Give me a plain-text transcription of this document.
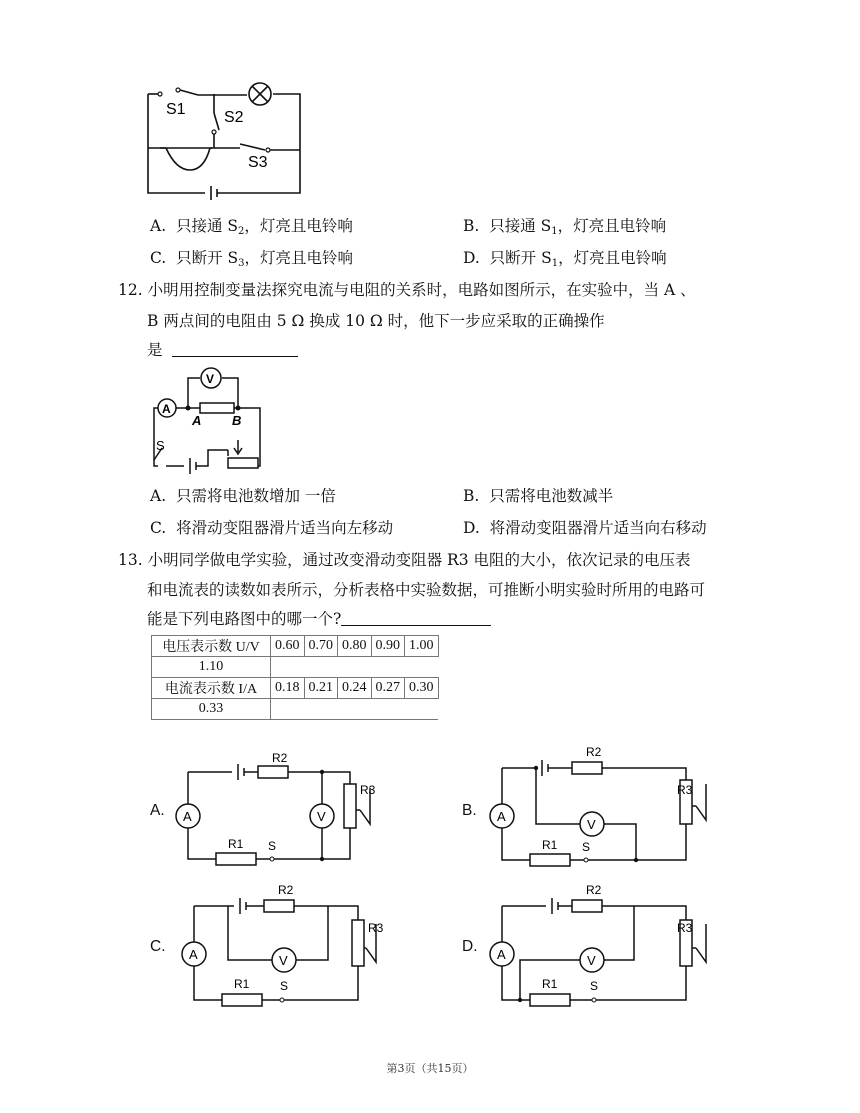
S1 S2
S3
A. 只接通 $S_2$，灯亮且电铃响	B. 只接通 $S_1$，灯亮且电铃响
C. 只断开 $S_3$，灯亮且电铃响	D. 只断开 $S_1$，灯亮且电铃响
12. 小明用控制变量法探究电流与电阻的关系时，电路如图所示，在实验中，当 A 、
B 两点间的电阻由 5 Ω 换成 10 Ω 时，他下一步应采取的正确操作
是
A
V
A B
S
A. 只需将电池数增加 一倍	B. 只需将电池数减半
C. 将滑动变阻器滑片适当向左移动	D. 将滑动变阻器滑片适当向右移动
13. 小明同学做电学实验，通过改变滑动变阻器 R3 电阻的大小，依次记录的电压表
和电流表的读数如表所示，分析表格中实验数据，可推断小明实验时所用的电路可
能是下列电路图中的哪一个?
电压表示数 U/V	0.60	0.70	0.80	0.90	1.00
1.10					
电流表示数 I/A	0.18	0.21	0.24	0.27	0.30
0.33					
A. A	V
R2
R3
R1 S
B. A
V
R2
R3
R1 S
C. A	V
R2
R3
R1	S
D. A	V
R2
R3
R1	S
第3页（共15页）
